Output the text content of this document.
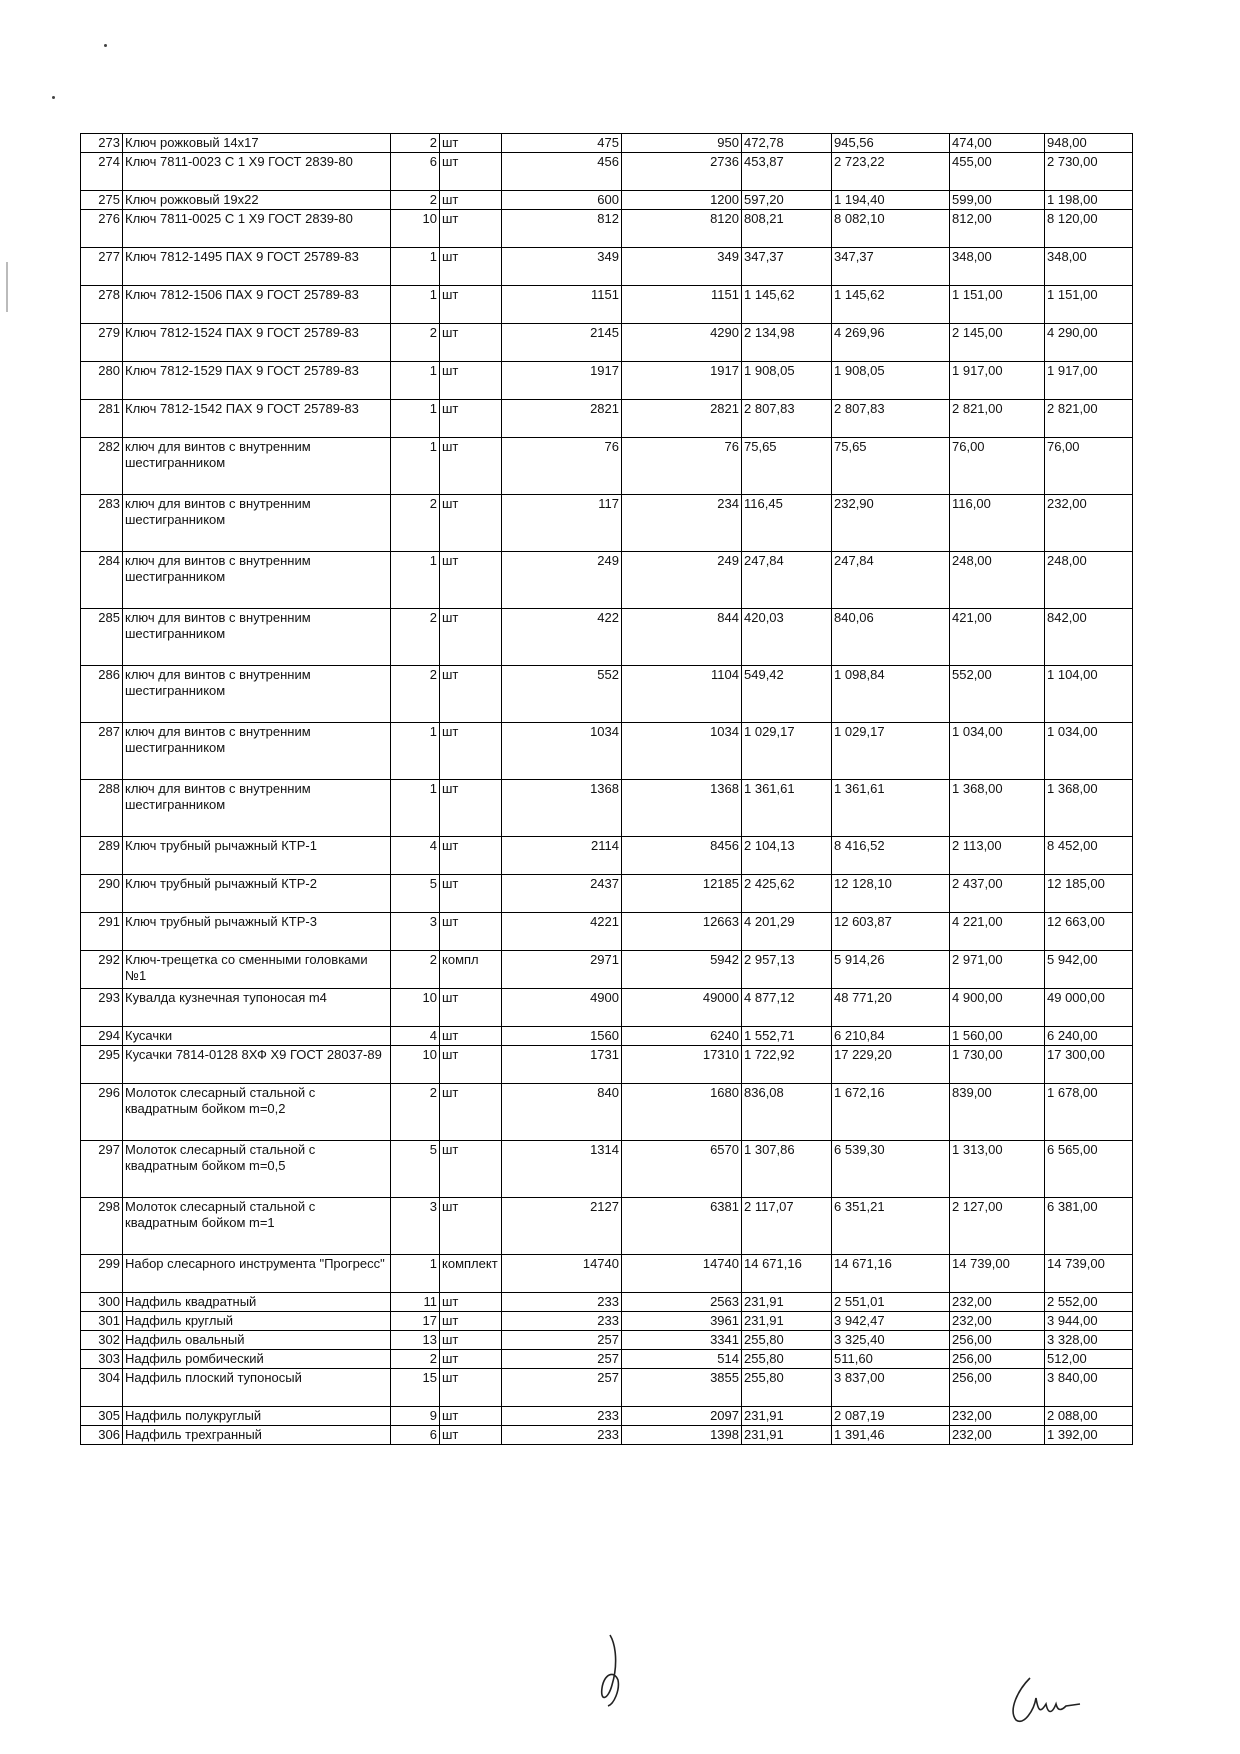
273	Ключ рожковый 14х17	2	шт	475	950	472,78	945,56	474,00	948,00
274	Ключ 7811-0023 С 1 Х9 ГОСТ 2839-80	6	шт	456	2736	453,87	2 723,22	455,00	2 730,00
275	Ключ рожковый 19х22	2	шт	600	1200	597,20	1 194,40	599,00	1 198,00
276	Ключ 7811-0025 С 1 Х9 ГОСТ 2839-80	10	шт	812	8120	808,21	8 082,10	812,00	8 120,00
277	Ключ 7812-1495 ПАХ 9 ГОСТ 25789-83	1	шт	349	349	347,37	347,37	348,00	348,00
278	Ключ 7812-1506 ПАХ 9 ГОСТ 25789-83	1	шт	1151	1151	1 145,62	1 145,62	1 151,00	1 151,00
279	Ключ 7812-1524 ПАХ 9 ГОСТ 25789-83	2	шт	2145	4290	2 134,98	4 269,96	2 145,00	4 290,00
280	Ключ 7812-1529 ПАХ 9 ГОСТ 25789-83	1	шт	1917	1917	1 908,05	1 908,05	1 917,00	1 917,00
281	Ключ 7812-1542 ПАХ 9 ГОСТ 25789-83	1	шт	2821	2821	2 807,83	2 807,83	2 821,00	2 821,00
282	ключ для винтов с внутренним шестигранником	1	шт	76	76	75,65	75,65	76,00	76,00
283	ключ для винтов с внутренним шестигранником	2	шт	117	234	116,45	232,90	116,00	232,00
284	ключ для винтов с внутренним шестигранником	1	шт	249	249	247,84	247,84	248,00	248,00
285	ключ для винтов с внутренним шестигранником	2	шт	422	844	420,03	840,06	421,00	842,00
286	ключ для винтов с внутренним шестигранником	2	шт	552	1104	549,42	1 098,84	552,00	1 104,00
287	ключ для винтов с внутренним шестигранником	1	шт	1034	1034	1 029,17	1 029,17	1 034,00	1 034,00
288	ключ для винтов с внутренним шестигранником	1	шт	1368	1368	1 361,61	1 361,61	1 368,00	1 368,00
289	Ключ трубный рычажный КТР-1	4	шт	2114	8456	2 104,13	8 416,52	2 113,00	8 452,00
290	Ключ трубный рычажный КТР-2	5	шт	2437	12185	2 425,62	12 128,10	2 437,00	12 185,00
291	Ключ трубный рычажный КТР-3	3	шт	4221	12663	4 201,29	12 603,87	4 221,00	12 663,00
292	Ключ-трещетка со сменными головками №1	2	компл	2971	5942	2 957,13	5 914,26	2 971,00	5 942,00
293	Кувалда кузнечная тупоносая m4	10	шт	4900	49000	4 877,12	48 771,20	4 900,00	49 000,00
294	Кусачки	4	шт	1560	6240	1 552,71	6 210,84	1 560,00	6 240,00
295	Кусачки 7814-0128 8ХФ Х9 ГОСТ 28037-89	10	шт	1731	17310	1 722,92	17 229,20	1 730,00	17 300,00
296	Молоток слесарный стальной с квадратным бойком m=0,2	2	шт	840	1680	836,08	1 672,16	839,00	1 678,00
297	Молоток слесарный стальной с квадратным бойком m=0,5	5	шт	1314	6570	1 307,86	6 539,30	1 313,00	6 565,00
298	Молоток слесарный стальной с квадратным бойком m=1	3	шт	2127	6381	2 117,07	6 351,21	2 127,00	6 381,00
299	Набор слесарного инструмента "Прогресс"	1	комплект	14740	14740	14 671,16	14 671,16	14 739,00	14 739,00
300	Надфиль квадратный	11	шт	233	2563	231,91	2 551,01	232,00	2 552,00
301	Надфиль круглый	17	шт	233	3961	231,91	3 942,47	232,00	3 944,00
302	Надфиль овальный	13	шт	257	3341	255,80	3 325,40	256,00	3 328,00
303	Надфиль ромбический	2	шт	257	514	255,80	511,60	256,00	512,00
304	Надфиль плоский тупоносый	15	шт	257	3855	255,80	3 837,00	256,00	3 840,00
305	Надфиль полукруглый	9	шт	233	2097	231,91	2 087,19	232,00	2 088,00
306	Надфиль трехгранный	6	шт	233	1398	231,91	1 391,46	232,00	1 392,00
